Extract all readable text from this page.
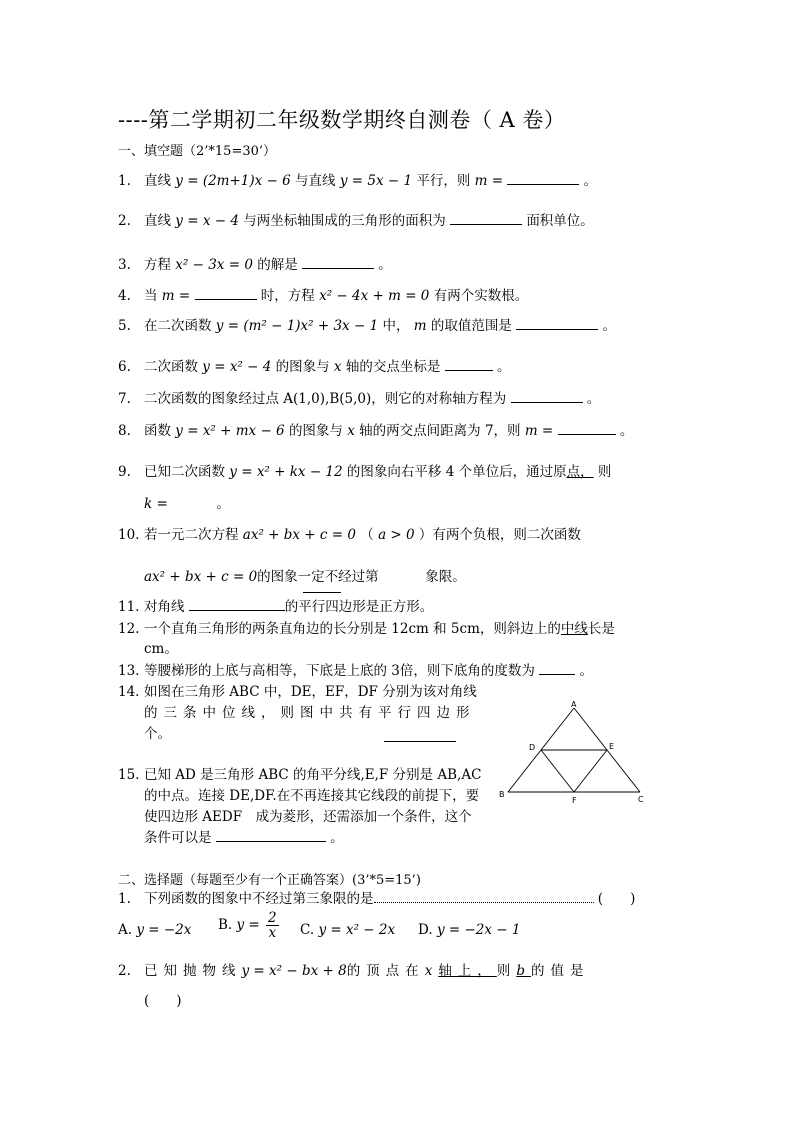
----第二学期初二年级数学期终自测卷（ A 卷）
一、填空题（2’*15=30’）
1. 直线 y = (2m+1)x − 6 与直线 y = 5x − 1 平行，则 m =	。
2. 直线 y = x − 4 与两坐标轴围成的三角形的面积为	面积单位。
3. 方程 x² − 3x = 0 的解是	。
4. 当 m =	时，方程 x² − 4x + m = 0 有两个实数根。
5. 在二次函数 y = (m² − 1)x² + 3x − 1 中， m 的取值范围是	。
6. 二次函数 y = x² − 4 的图象与 x 轴的交点坐标是	。
7. 二次函数的图象经过点 A(1,0),B(5,0)，则它的对称轴方程为	。
8. 函数 y = x² + mx − 6 的图象与 x 轴的两交点间距离为 7，则 m =	。
9. 已知二次函数 y = x² + kx − 12 的图象向右平移 4 个单位后，通过原点， 则
k =	。
10. 若一元二次方程 ax² + bx + c = 0 （ a > 0 ）有两个负根，则二次函数
ax² + bx + c = 0的图象一定不经过第	象限。
11. 对角线	的平行四边形是正方形。
12. 一个直角三角形的两条直角边的长分别是 12cm 和 5cm，则斜边上的中线长是
cm。
13. 等腰梯形的上底与高相等，下底是上底的 3倍，则下底角的度数为	。
14. 如图在三角形 ABC 中，DE，EF，DF 分别为该对角线
的三条中位线，则图中共有平行四边形
个。
15. 已知 AD 是三角形 ABC 的角平分线,E,F 分别是 AB,AC
的中点。连接 DE,DF.在不再连接其它线段的前提下，要
使四边形 AEDF　成为菱形，还需添加一个条件，这个
条件可以是	。
A
B
C
D	E
F
二、选择题（每题至少有一个正确答案）(3’*5=15’)
1. 下列函数的图象中不经过第三象限的是	(　　)
A. y = −2x B. $y = \frac{2}{x} C$. y = x² − 2x D. y = −2x − 1
2. 已知抛物线y = x² − bx + 8的顶点在x轴上，则b的值是
(　　)
